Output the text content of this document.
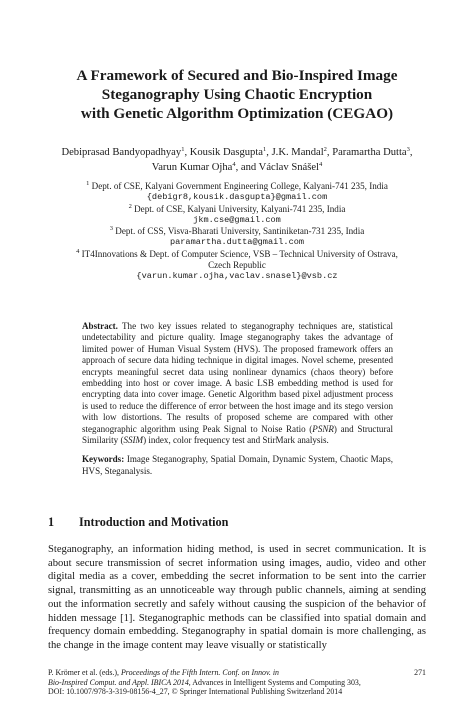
A Framework of Secured and Bio-Inspired Image
Steganography Using Chaotic Encryption
with Genetic Algorithm Optimization (CEGAO)
Debiprasad Bandyopadhyay$^1$, Kousik Dasgupta$^1$, J.K. Mandal$^2$, Paramartha Dutta$^3$,
Varun Kumar Ojha$^4$, and Václav Snášel$^4$
$^1$ Dept. of CSE, Kalyani Government Engineering College, Kalyani-741 235, India
{debigr8,kousik.dasgupta}@gmail.com
$^2$ Dept. of CSE, Kalyani University, Kalyani-741 235, India
jkm.cse@gmail.com
$^3$ Dept. of CSS, Visva-Bharati University, Santiniketan-731 235, India
paramartha.dutta@gmail.com
$^4$ IT4Innovations & Dept. of Computer Science, VSB – Technical University of Ostrava,
Czech Republic
{varun.kumar.ojha,vaclav.snasel}@vsb.cz

Abstract. The two key issues related to steganography techniques are, statistical undetectability and picture quality. Image steganography takes the advantage of limited power of Human Visual System (HVS). The proposed framework offers an approach of secure data hiding technique in digital images. Novel scheme, presented encrypts meaningful secret data using nonlinear dynamics (chaos theory) before embedding into host or cover image. A basic LSB embedding method is used for encrypting data into cover image. Genetic Algorithm based pixel adjustment process is used to reduce the difference of error between the host image and its stego version with low distortions. The results of proposed scheme are compared with other steganographic algorithm using Peak Signal to Noise Ratio (PSNR) and Structural Similarity (SSIM) index, color frequency test and StirMark analysis.

Keywords: Image Steganography, Spatial Domain, Dynamic System, Chaotic Maps, HVS, Steganalysis.

1 Introduction and Motivation

Steganography, an information hiding method, is used in secret communication. It is about secure transmission of secret information using images, audio, video and other digital media as a cover, embedding the secret information to be sent into the carrier signal, transmitting as an unnoticeable way through public channels, aiming at sending out the information secretly and safely without causing the suspicion of the behavior of hidden message [1]. Steganographic methods can be classified into spatial domain and frequency domain embedding. Steganography in spatial domain is more challenging, as the change in the image content may leave visually or statistically

271
P. Krömer et al. (eds.), Proceedings of the Fifth Intern. Conf. on Innov. in
Bio-Inspired Comput. and Appl. IBICA 2014, Advances in Intelligent Systems and Computing 303,
DOI: 10.1007/978-3-319-08156-4_27, © Springer International Publishing Switzerland 2014
